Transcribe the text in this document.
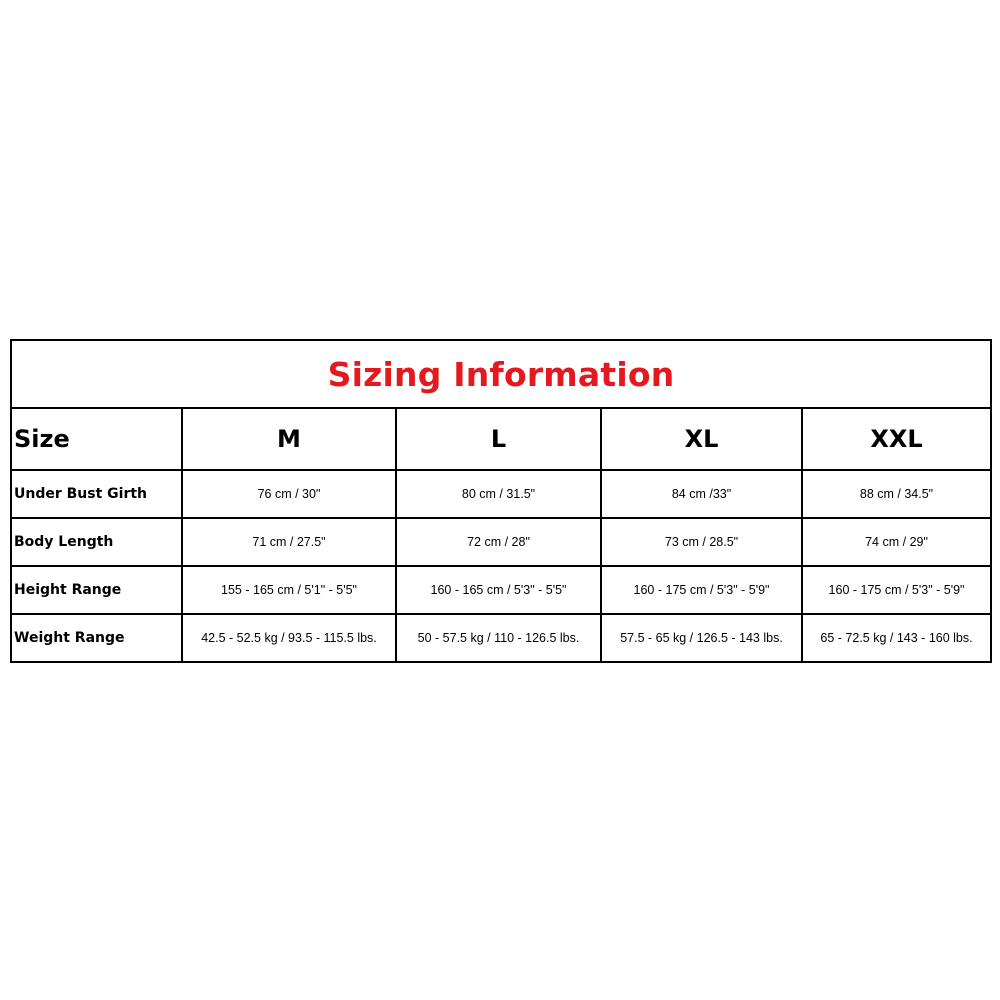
Sizing Information				
Size	M	L	XL	XXL
Under Bust Girth	76 cm / 30"	80 cm / 31.5"	84 cm /33"	88 cm / 34.5"
Body Length	71 cm / 27.5"	72 cm / 28"	73 cm / 28.5"	74 cm / 29"
Height Range	155 - 165 cm / 5'1" - 5'5"	160 - 165 cm / 5'3" - 5'5"	160 - 175 cm / 5'3" - 5'9"	160 - 175 cm / 5'3" - 5'9"
Weight Range	42.5 - 52.5 kg / 93.5 - 115.5 lbs.	50 - 57.5 kg / 110 - 126.5 lbs.	57.5 - 65 kg / 126.5 - 143 lbs.	65 - 72.5 kg / 143 - 160 lbs.
